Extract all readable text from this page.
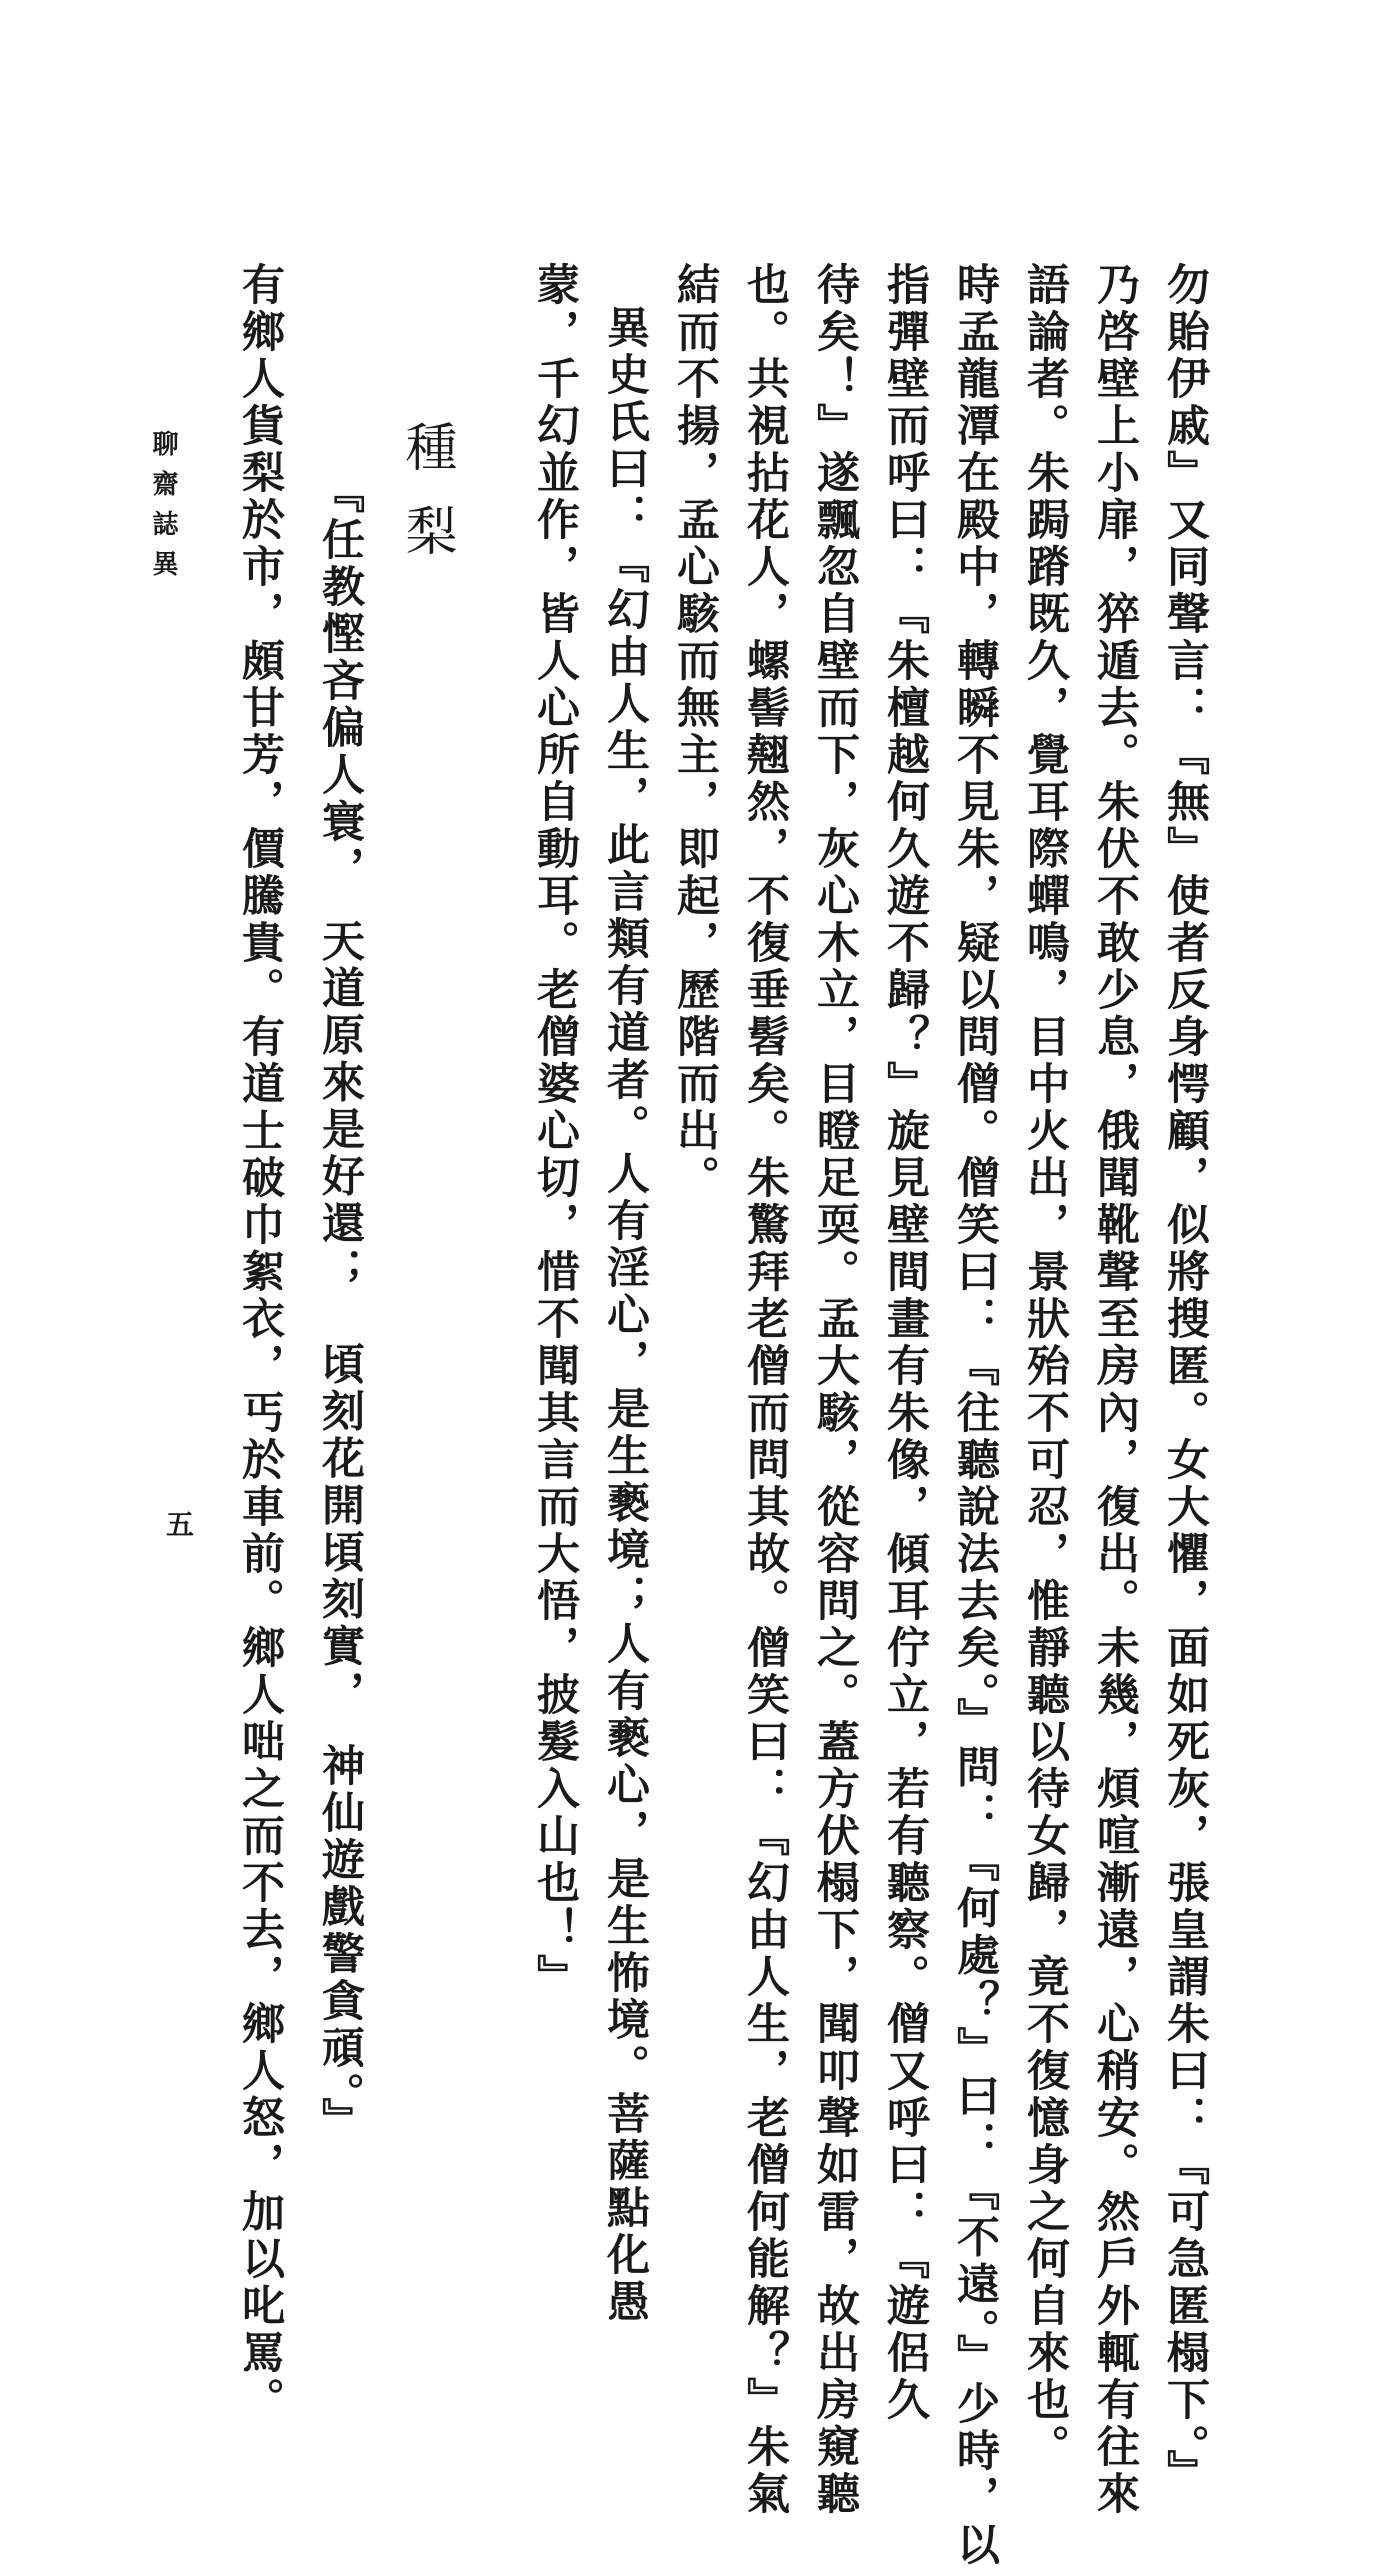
聊齋誌異
五	勿貽伊戚』又同聲言：『無』使者反身愕顧，似將搜匿。女大懼，面如死灰，張皇謂朱曰：『可急匿榻下。』
乃啓壁上小扉，猝遁去。朱伏不敢少息，俄聞靴聲至房內，復出。未幾，煩喧漸遠，心稍安。然戶外輒有往來
語論者。朱跼蹐既久，覺耳際蟬鳴，目中火出，景狀殆不可忍，惟靜聽以待女歸，竟不復憶身之何自來也。
時孟龍潭在殿中，轉瞬不見朱，疑以問僧。僧笑曰：『往聽說法去矣。』問：『何處？』曰：『不遠。』少時，以
指彈壁而呼曰：『朱檀越何久遊不歸？』旋見壁間畫有朱像，傾耳佇立，若有聽察。僧又呼曰：『遊侶久
待矣！』遂飄忽自壁而下，灰心木立，目瞪足耎。孟大駭，從容問之。蓋方伏榻下，聞叩聲如雷，故出房窺聽
也。共視拈花人，螺髻翹然，不復垂髫矣。朱驚拜老僧而問其故。僧笑曰：『幻由人生，老僧何能解？』朱氣
結而不揚，孟心駭而無主，即起，歷階而出。
異史氏曰：『幻由人生，此言類有道者。人有淫心，是生褻境；人有褻心，是生怖境。菩薩點化愚
蒙，千幻並作，皆人心所自動耳。老僧婆心切，惜不聞其言而大悟，披髮入山也！』
種梨
『任教慳吝偏人寰，　天道原來是好還；　頃刻花開頃刻實，　神仙遊戲警貪頑。』
有鄉人貨梨於市，頗甘芳，價騰貴。有道士破巾絮衣，丐於車前。鄉人咄之而不去，鄉人怒，加以叱罵。
